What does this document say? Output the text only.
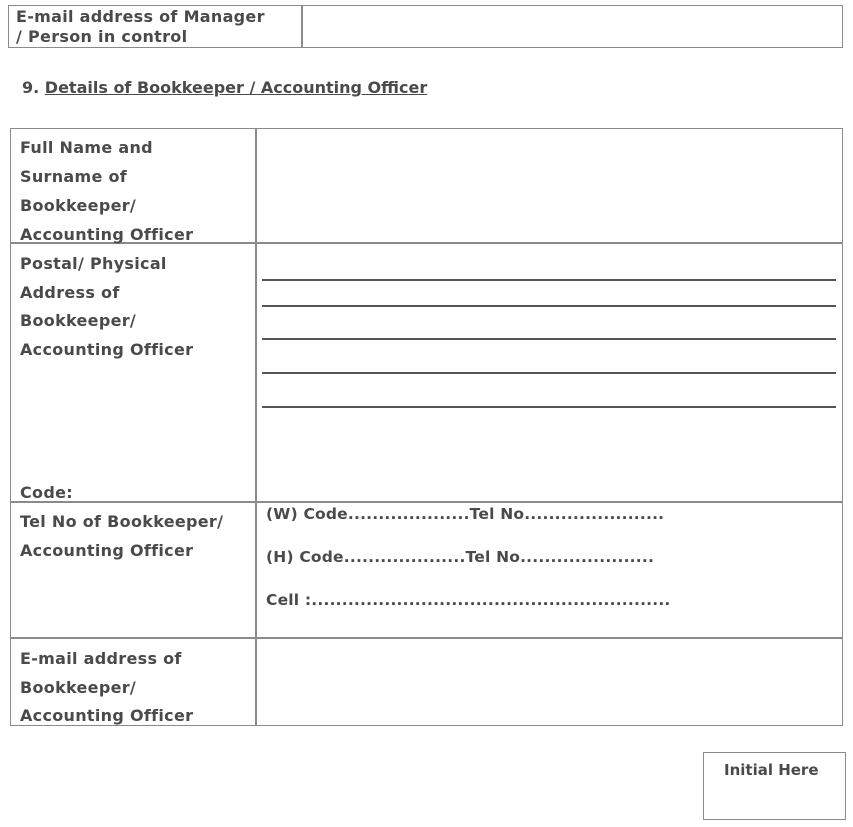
E-mail address of Manager
/ Person in control
9. Details of Bookkeeper / Accounting Officer
Full Name and
Surname of
Bookkeeper/
Accounting Officer
Postal/ Physical
Address of
Bookkeeper/
Accounting Officer
Code:
Tel No of Bookkeeper/
Accounting Officer
(W) Code....................Tel No.......................
(H) Code....................Tel No......................
Cell :...........................................................
E-mail address of
Bookkeeper/
Accounting Officer
Initial Here
